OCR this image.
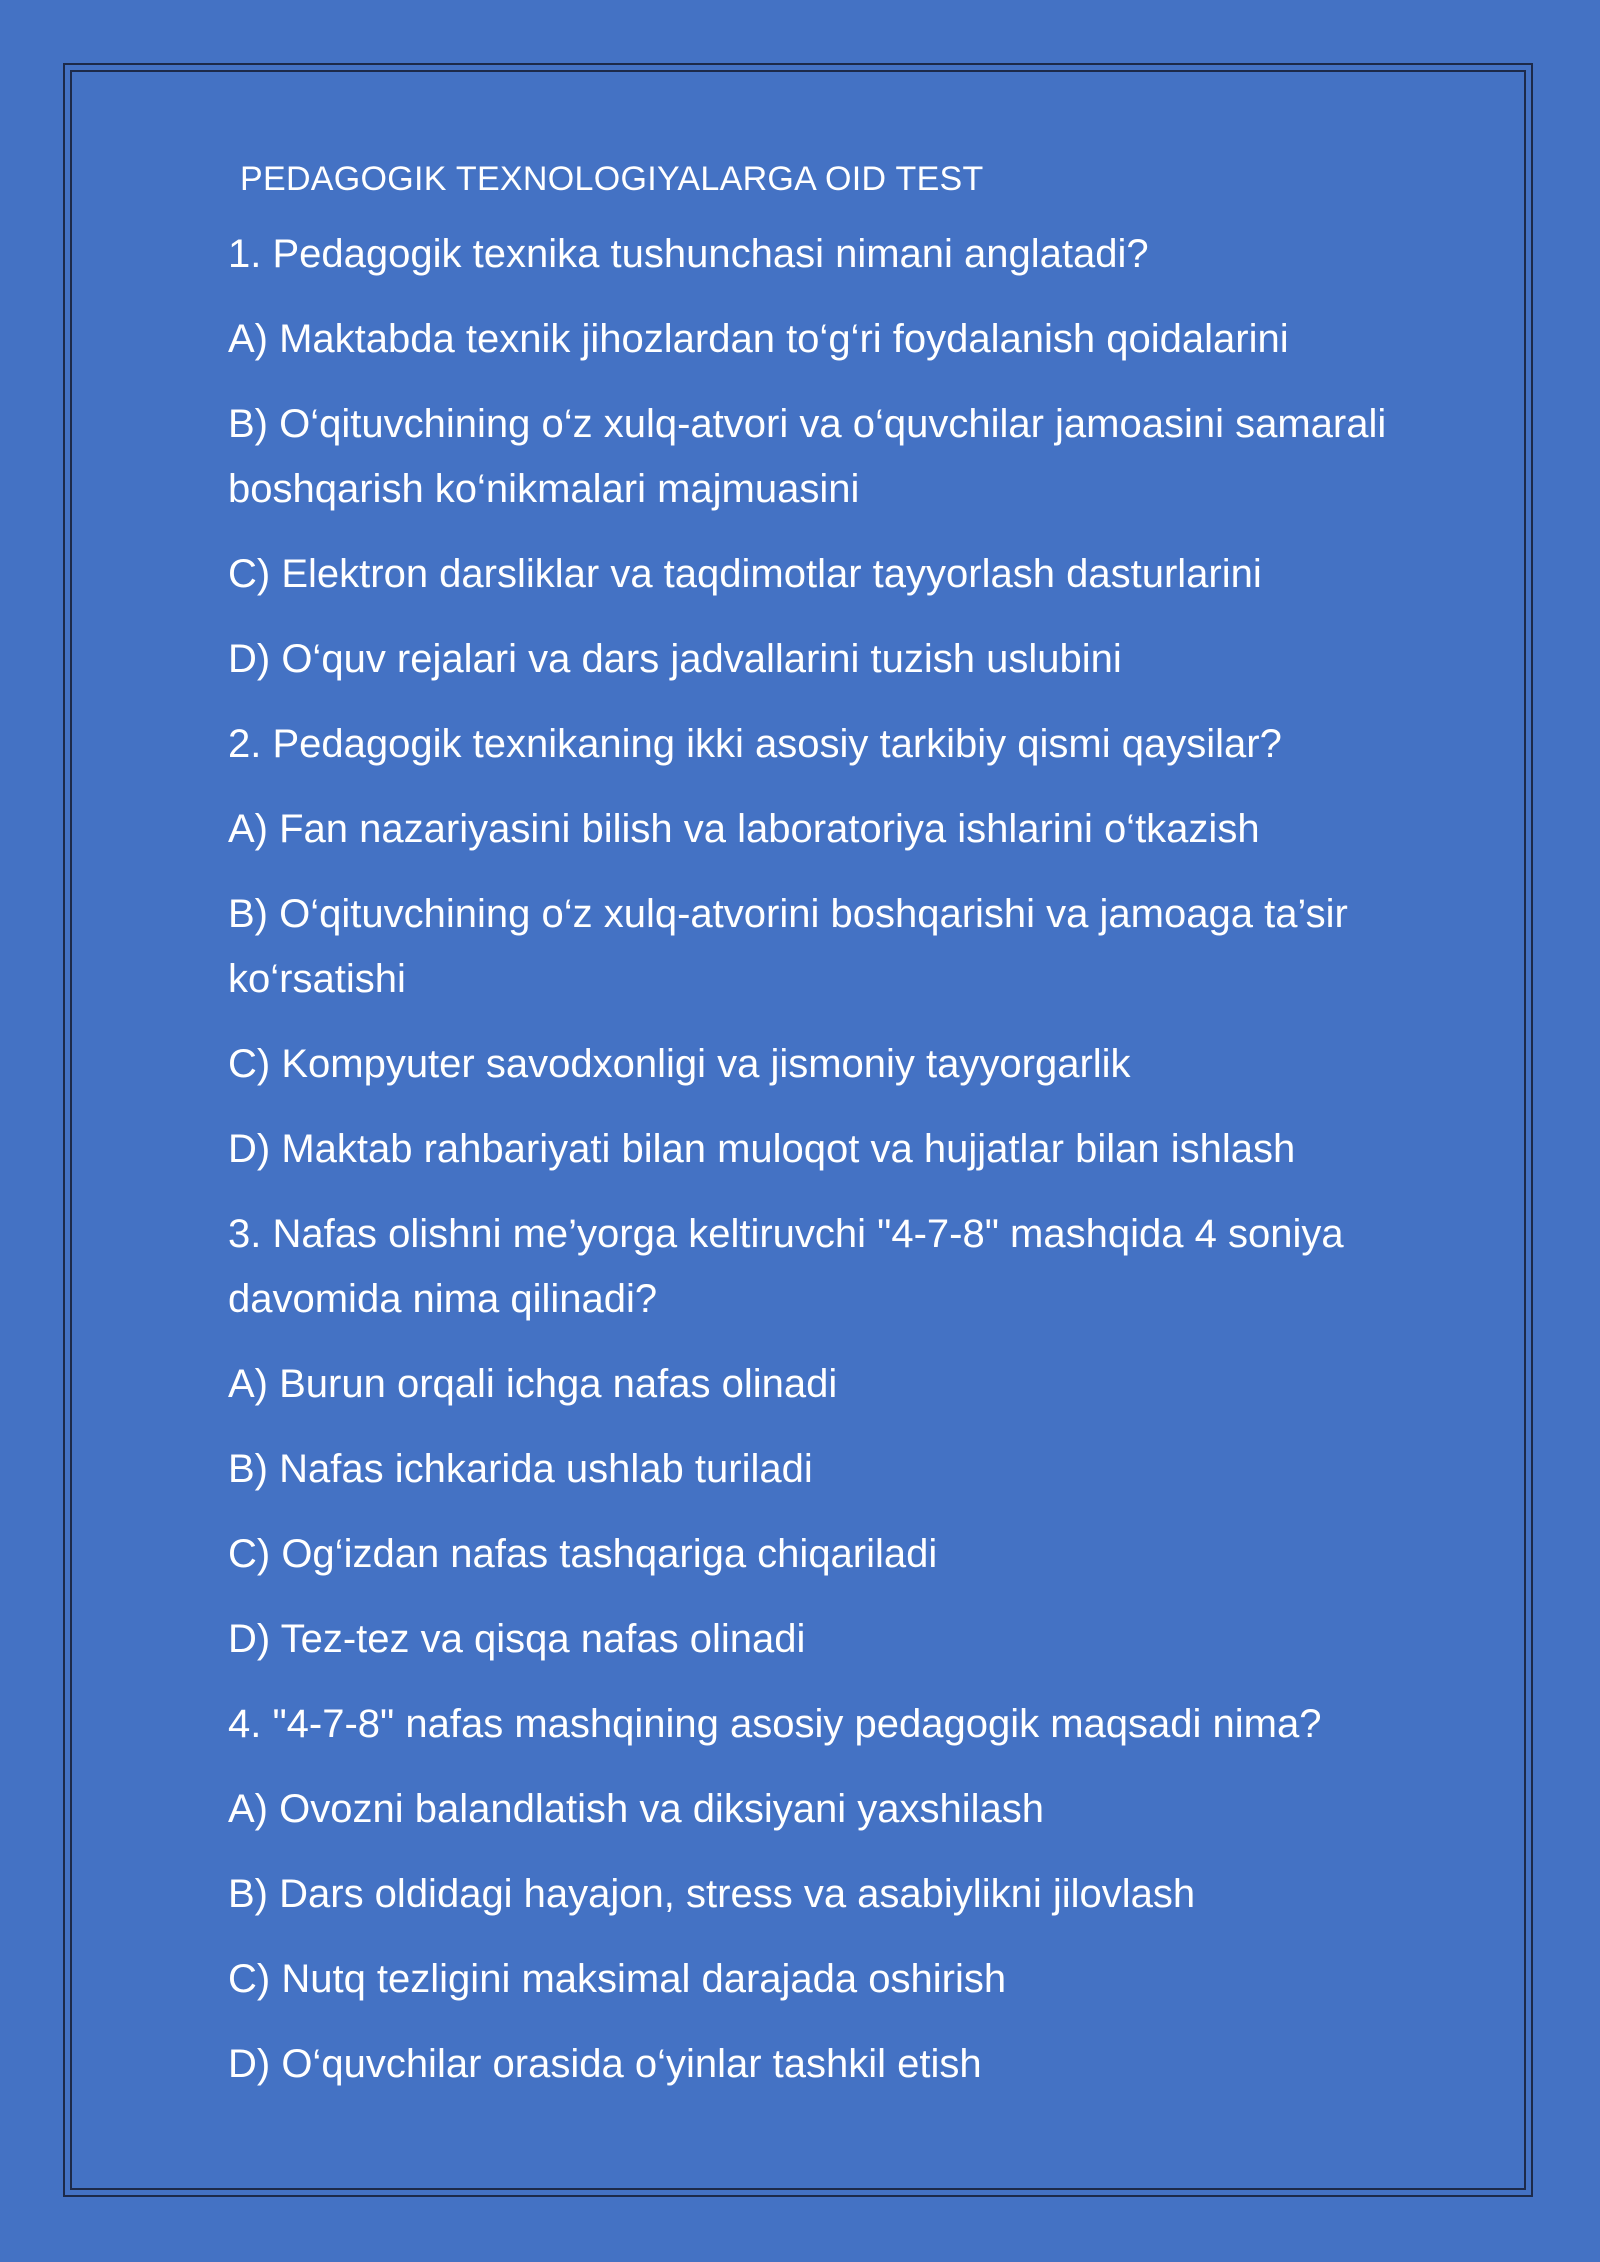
PEDAGOGIK TEXNOLOGIYALARGA OID TEST

1. Pedagogik texnika tushunchasi nimani anglatadi?

A) Maktabda texnik jihozlardan to‘g‘ri foydalanish qoidalarini

B) O‘qituvchining o‘z xulq-atvori va o‘quvchilar jamoasini samarali boshqarish ko‘nikmalari majmuasini

C) Elektron darsliklar va taqdimotlar tayyorlash dasturlarini

D) O‘quv rejalari va dars jadvallarini tuzish uslubini

2. Pedagogik texnikaning ikki asosiy tarkibiy qismi qaysilar?

A) Fan nazariyasini bilish va laboratoriya ishlarini o‘tkazish

B) O‘qituvchining o‘z xulq-atvorini boshqarishi va jamoaga ta’sir ko‘rsatishi

C) Kompyuter savodxonligi va jismoniy tayyorgarlik

D) Maktab rahbariyati bilan muloqot va hujjatlar bilan ishlash

3. Nafas olishni me’yorga keltiruvchi "4-7-8" mashqida 4 soniya davomida nima qilinadi?

A) Burun orqali ichga nafas olinadi

B) Nafas ichkarida ushlab turiladi

C) Og‘izdan nafas tashqariga chiqariladi

D) Tez-tez va qisqa nafas olinadi

4. "4-7-8" nafas mashqining asosiy pedagogik maqsadi nima?

A) Ovozni balandlatish va diksiyani yaxshilash

B) Dars oldidagi hayajon, stress va asabiylikni jilovlash

C) Nutq tezligini maksimal darajada oshirish

D) O‘quvchilar orasida o‘yinlar tashkil etish
